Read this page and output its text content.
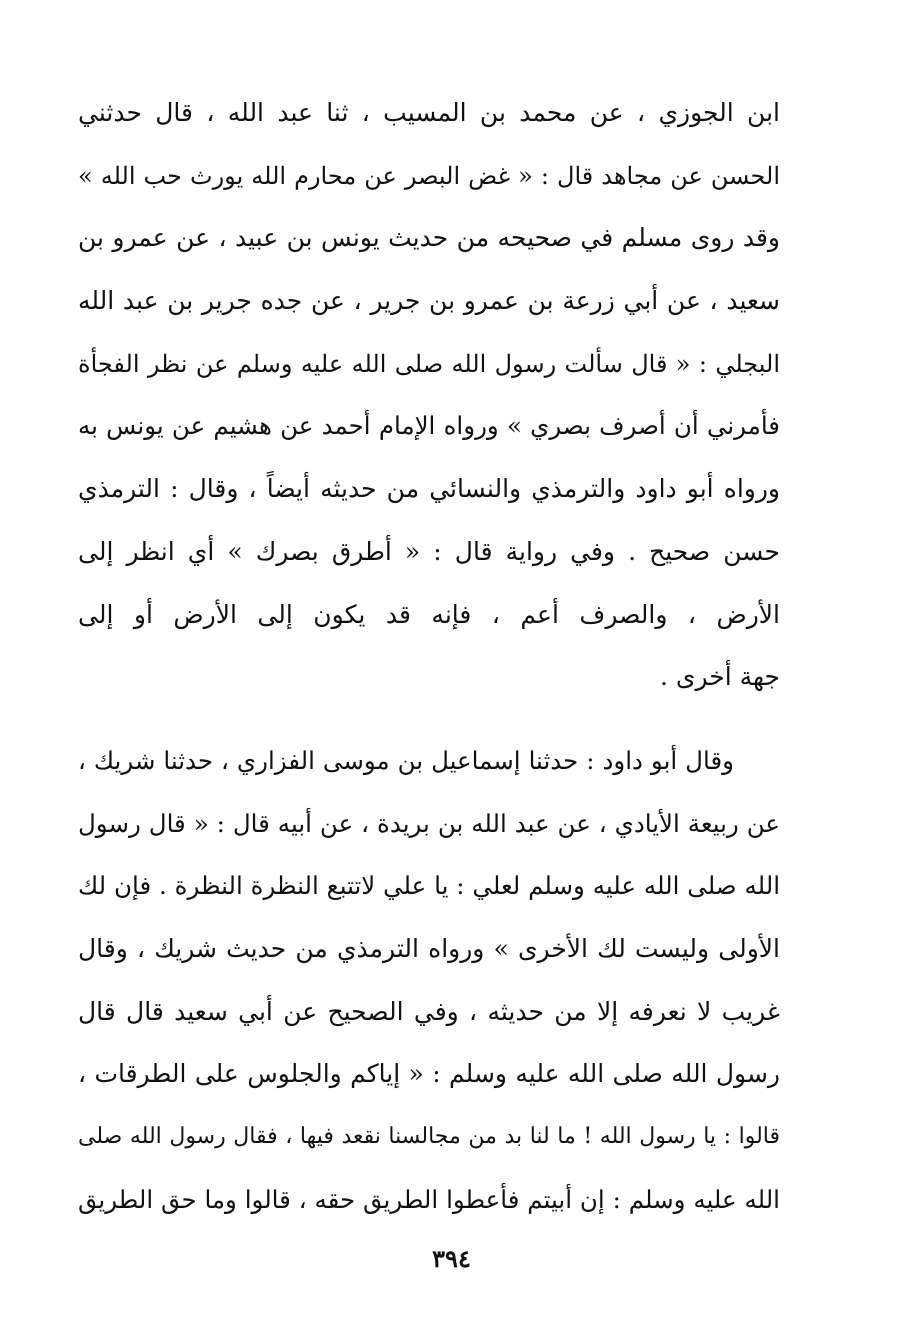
ابن الجوزي ، عن محمد بن المسيب ، ثنا عبد الله ، قال حدثني
الحسن عن مجاهد قال : « غض البصر عن محارم الله يورث حب الله »
وقد روى مسلم في صحيحه من حديث يونس بن عبيد ، عن عمرو بن
سعيد ، عن أبي زرعة بن عمرو بن جرير ، عن جده جرير بن عبد الله
البجلي : « قال سألت رسول الله صلى الله عليه وسلم عن نظر الفجأة
فأمرني أن أصرف بصري » ورواه الإمام أحمد عن هشيم عن يونس به
ورواه أبو داود والترمذي والنسائي من حديثه أيضاً ، وقال : الترمذي
حسن صحيح . وفي رواية قال : « أطرق بصرك » أي انظر إلى
الأرض ، والصرف أعم ، فإنه قد يكون إلى الأرض أو إلى
جهة أخرى .
وقال أبو داود : حدثنا إسماعيل بن موسى الفزاري ، حدثنا شريك ،
عن ربيعة الأيادي ، عن عبد الله بن بريدة ، عن أبيه قال : « قال رسول
الله صلى الله عليه وسلم لعلي : يا علي لاتتبع النظرة النظرة . فإن لك
الأولى وليست لك الأخرى » ورواه الترمذي من حديث شريك ، وقال
غريب لا نعرفه إلا من حديثه ، وفي الصحيح عن أبي سعيد قال قال
رسول الله صلى الله عليه وسلم : « إياكم والجلوس على الطرقات ،
قالوا : يا رسول الله ! ما لنا بد من مجالسنا نقعد فيها ، فقال رسول الله صلى
الله عليه وسلم : إن أبيتم فأعطوا الطريق حقه ، قالوا وما حق الطريق
٣٩٤
